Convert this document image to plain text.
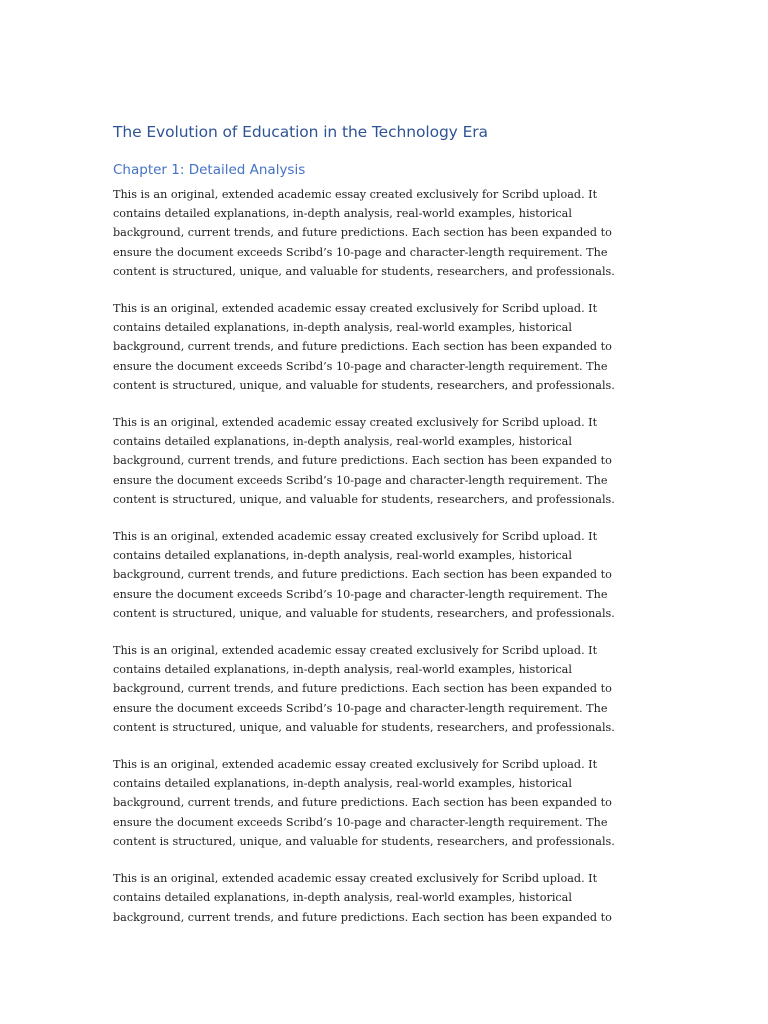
The Evolution of Education in the Technology Era
Chapter 1: Detailed Analysis

This is an original, extended academic essay created exclusively for Scribd upload. It
contains detailed explanations, in-depth analysis, real-world examples, historical
background, current trends, and future predictions. Each section has been expanded to
ensure the document exceeds Scribd’s 10-page and character-length requirement. The
content is structured, unique, and valuable for students, researchers, and professionals.

This is an original, extended academic essay created exclusively for Scribd upload. It
contains detailed explanations, in-depth analysis, real-world examples, historical
background, current trends, and future predictions. Each section has been expanded to
ensure the document exceeds Scribd’s 10-page and character-length requirement. The
content is structured, unique, and valuable for students, researchers, and professionals.

This is an original, extended academic essay created exclusively for Scribd upload. It
contains detailed explanations, in-depth analysis, real-world examples, historical
background, current trends, and future predictions. Each section has been expanded to
ensure the document exceeds Scribd’s 10-page and character-length requirement. The
content is structured, unique, and valuable for students, researchers, and professionals.

This is an original, extended academic essay created exclusively for Scribd upload. It
contains detailed explanations, in-depth analysis, real-world examples, historical
background, current trends, and future predictions. Each section has been expanded to
ensure the document exceeds Scribd’s 10-page and character-length requirement. The
content is structured, unique, and valuable for students, researchers, and professionals.

This is an original, extended academic essay created exclusively for Scribd upload. It
contains detailed explanations, in-depth analysis, real-world examples, historical
background, current trends, and future predictions. Each section has been expanded to
ensure the document exceeds Scribd’s 10-page and character-length requirement. The
content is structured, unique, and valuable for students, researchers, and professionals.

This is an original, extended academic essay created exclusively for Scribd upload. It
contains detailed explanations, in-depth analysis, real-world examples, historical
background, current trends, and future predictions. Each section has been expanded to
ensure the document exceeds Scribd’s 10-page and character-length requirement. The
content is structured, unique, and valuable for students, researchers, and professionals.

This is an original, extended academic essay created exclusively for Scribd upload. It
contains detailed explanations, in-depth analysis, real-world examples, historical
background, current trends, and future predictions. Each section has been expanded to
